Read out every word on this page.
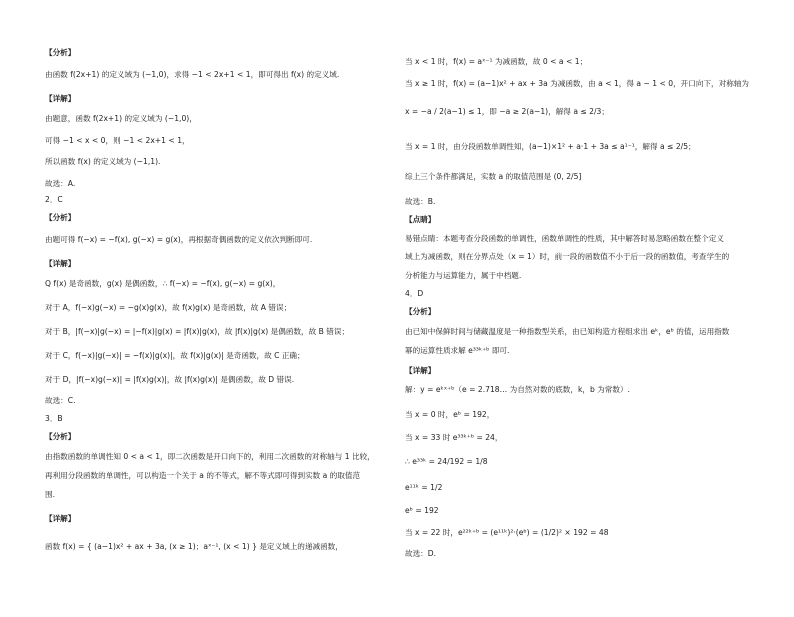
【分析】
由函数 f(2x+1) 的定义域为 (−1,0)，求得 −1 < 2x+1 < 1，即可得出 f(x) 的定义域.
【详解】
由题意，函数 f(2x+1) 的定义域为 (−1,0)，
可得 −1 < x < 0，则 −1 < 2x+1 < 1，
所以函数 f(x) 的定义域为 (−1,1).
故选：A.
2．C
【分析】
由题可得 f(−x) = −f(x), g(−x) = g(x)，再根据奇偶函数的定义依次判断即可.
【详解】
Q f(x) 是奇函数，g(x) 是偶函数，∴ f(−x) = −f(x), g(−x) = g(x)，
对于 A，f(−x)g(−x) = −g(x)g(x)，故 f(x)g(x) 是奇函数，故 A 错误；
对于 B，|f(−x)|g(−x) = |−f(x)|g(x) = |f(x)|g(x)，故 |f(x)|g(x) 是偶函数，故 B 错误；
对于 C，f(−x)|g(−x)| = −f(x)|g(x)|，故 f(x)|g(x)| 是奇函数，故 C 正确；
对于 D，|f(−x)g(−x)| = |f(x)g(x)|，故 |f(x)g(x)| 是偶函数，故 D 错误.
故选：C.
3．B
【分析】
由指数函数的单调性知 0 < a < 1，即二次函数是开口向下的，利用二次函数的对称轴与 1 比较，
再利用分段函数的单调性，可以构造一个关于 a 的不等式，解不等式即可得到实数 a 的取值范
围.
【详解】
函数 f(x) = { (a−1)x² + ax + 3a, (x ≥ 1)；aˣ⁻¹, (x < 1) } 是定义域上的递减函数，
当 x < 1 时，f(x) = aˣ⁻¹ 为减函数，故 0 < a < 1；
当 x ≥ 1 时，f(x) = (a−1)x² + ax + 3a 为减函数，由 a < 1，得 a − 1 < 0，开口向下，对称轴为
x = −a / 2(a−1) ≤ 1，即 −a ≥ 2(a−1)，解得 a ≤ 2/3；
当 x = 1 时，由分段函数单调性知，(a−1)×1² + a·1 + 3a ≤ a¹⁻¹，解得 a ≤ 2/5；
综上三个条件都满足，实数 a 的取值范围是 (0, 2/5]
故选：B.
【点睛】
易错点睛：本题考查分段函数的单调性，函数单调性的性质，其中解答时易忽略函数在整个定义
域上为减函数，则在分界点处（x = 1）时，前一段的函数值不小于后一段的函数值，考查学生的
分析能力与运算能力，属于中档题.
4．D
【分析】
由已知中保鲜时间与储藏温度是一种指数型关系，由已知构造方程组求出 eᵏ，eᵇ 的值，运用指数
幂的运算性质求解 e³³ᵏ⁺ᵇ 即可.
【详解】
解：y = eᵏˣ⁺ᵇ（e = 2.718… 为自然对数的底数，k，b 为常数）.
当 x = 0 时，eᵇ = 192，
当 x = 33 时 e³³ᵏ⁺ᵇ = 24，
∴ e³³ᵏ = 24/192 = 1/8
e¹¹ᵏ = 1/2
eᵇ = 192
当 x = 22 时，e²²ᵏ⁺ᵇ = (e¹¹ᵏ)²·(eᵇ) = (1/2)² × 192 = 48
故选：D.
